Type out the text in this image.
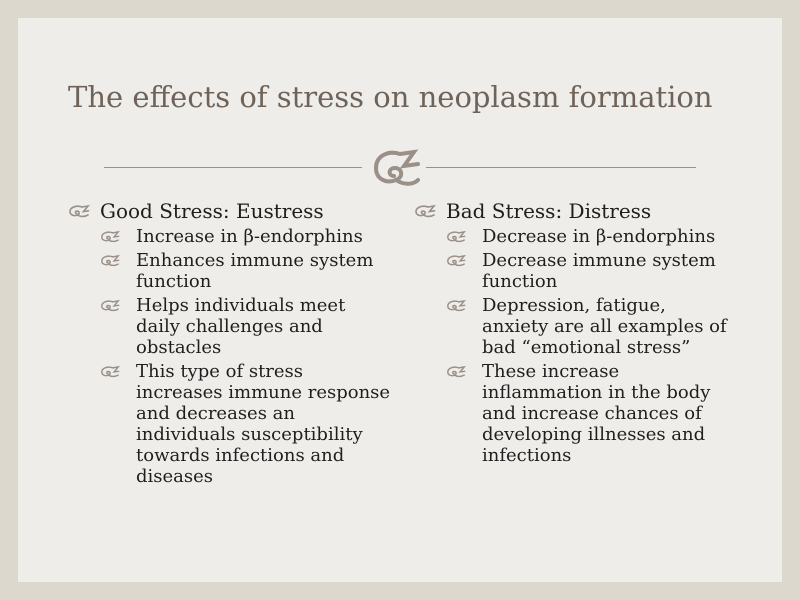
The effects of stress on neoplasm formation
Good Stress: Eustress
Increase in β-endorphins
Enhances immune system function
Helps individuals meet daily challenges and obstacles
This type of stress increases immune response and decreases an individuals susceptibility towards infections and diseases
Bad Stress: Distress
Decrease in β-endorphins
Decrease immune system function
Depression, fatigue, anxiety are all examples of bad “emotional stress”
These increase inflammation in the body and increase chances of developing illnesses and infections
